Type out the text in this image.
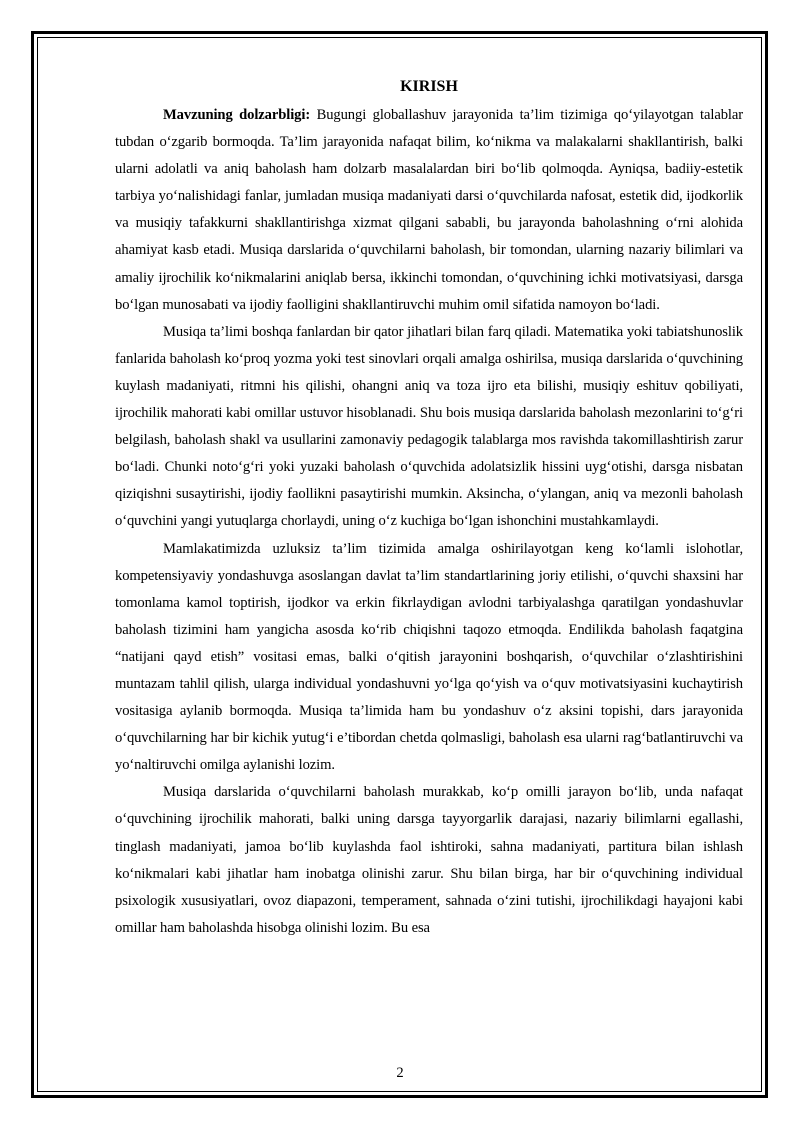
KIRISH

Mavzuning dolzarbligi: Bugungi globallashuv jarayonida ta’lim tizimiga qo‘yilayotgan talablar tubdan o‘zgarib bormoqda. Ta’lim jarayonida nafaqat bilim, ko‘nikma va malakalarni shakllantirish, balki ularni adolatli va aniq baholash ham dolzarb masalalardan biri bo‘lib qolmoqda. Ayniqsa, badiiy-estetik tarbiya yo‘nalishidagi fanlar, jumladan musiqa madaniyati darsi o‘quvchilarda nafosat, estetik did, ijodkorlik va musiqiy tafakkurni shakllantirishga xizmat qilgani sababli, bu jarayonda baholashning o‘rni alohida ahamiyat kasb etadi. Musiqa darslarida o‘quvchilarni baholash, bir tomondan, ularning nazariy bilimlari va amaliy ijrochilik ko‘nikmalarini aniqlab bersa, ikkinchi tomondan, o‘quvchining ichki motivatsiyasi, darsga bo‘lgan munosabati va ijodiy faolligini shakllantiruvchi muhim omil sifatida namoyon bo‘ladi.

Musiqa ta’limi boshqa fanlardan bir qator jihatlari bilan farq qiladi. Matematika yoki tabiatshunoslik fanlarida baholash ko‘proq yozma yoki test sinovlari orqali amalga oshirilsa, musiqa darslarida o‘quvchining kuylash madaniyati, ritmni his qilishi, ohangni aniq va toza ijro eta bilishi, musiqiy eshituv qobiliyati, ijrochilik mahorati kabi omillar ustuvor hisoblanadi. Shu bois musiqa darslarida baholash mezonlarini to‘g‘ri belgilash, baholash shakl va usullarini zamonaviy pedagogik talablarga mos ravishda takomillashtirish zarur bo‘ladi. Chunki noto‘g‘ri yoki yuzaki baholash o‘quvchida adolatsizlik hissini uyg‘otishi, darsga nisbatan qiziqishni susaytirishi, ijodiy faollikni pasaytirishi mumkin. Aksincha, o‘ylangan, aniq va mezonli baholash o‘quvchini yangi yutuqlarga chorlaydi, uning o‘z kuchiga bo‘lgan ishonchini mustahkamlaydi.

Mamlakatimizda uzluksiz ta’lim tizimida amalga oshirilayotgan keng ko‘lamli islohotlar, kompetensiyaviy yondashuvga asoslangan davlat ta’lim standartlarining joriy etilishi, o‘quvchi shaxsini har tomonlama kamol toptirish, ijodkor va erkin fikrlaydigan avlodni tarbiyalashga qaratilgan yondashuvlar baholash tizimini ham yangicha asosda ko‘rib chiqishni taqozo etmoqda. Endilikda baholash faqatgina “natijani qayd etish” vositasi emas, balki o‘qitish jarayonini boshqarish, o‘quvchilar o‘zlashtirishini muntazam tahlil qilish, ularga individual yondashuvni yo‘lga qo‘yish va o‘quv motivatsiyasini kuchaytirish vositasiga aylanib bormoqda. Musiqa ta’limida ham bu yondashuv o‘z aksini topishi, dars jarayonida o‘quvchilarning har bir kichik yutug‘i e’tibordan chetda qolmasligi, baholash esa ularni rag‘batlantiruvchi va yo‘naltiruvchi omilga aylanishi lozim.

Musiqa darslarida o‘quvchilarni baholash murakkab, ko‘p omilli jarayon bo‘lib, unda nafaqat o‘quvchining ijrochilik mahorati, balki uning darsga tayyorgarlik darajasi, nazariy bilimlarni egallashi, tinglash madaniyati, jamoa bo‘lib kuylashda faol ishtiroki, sahna madaniyati, partitura bilan ishlash ko‘nikmalari kabi jihatlar ham inobatga olinishi zarur. Shu bilan birga, har bir o‘quvchining individual psixologik xususiyatlari, ovoz diapazoni, temperament, sahnada o‘zini tutishi, ijrochilikdagi hayajoni kabi omillar ham baholashda hisobga olinishi lozim. Bu esa

2
